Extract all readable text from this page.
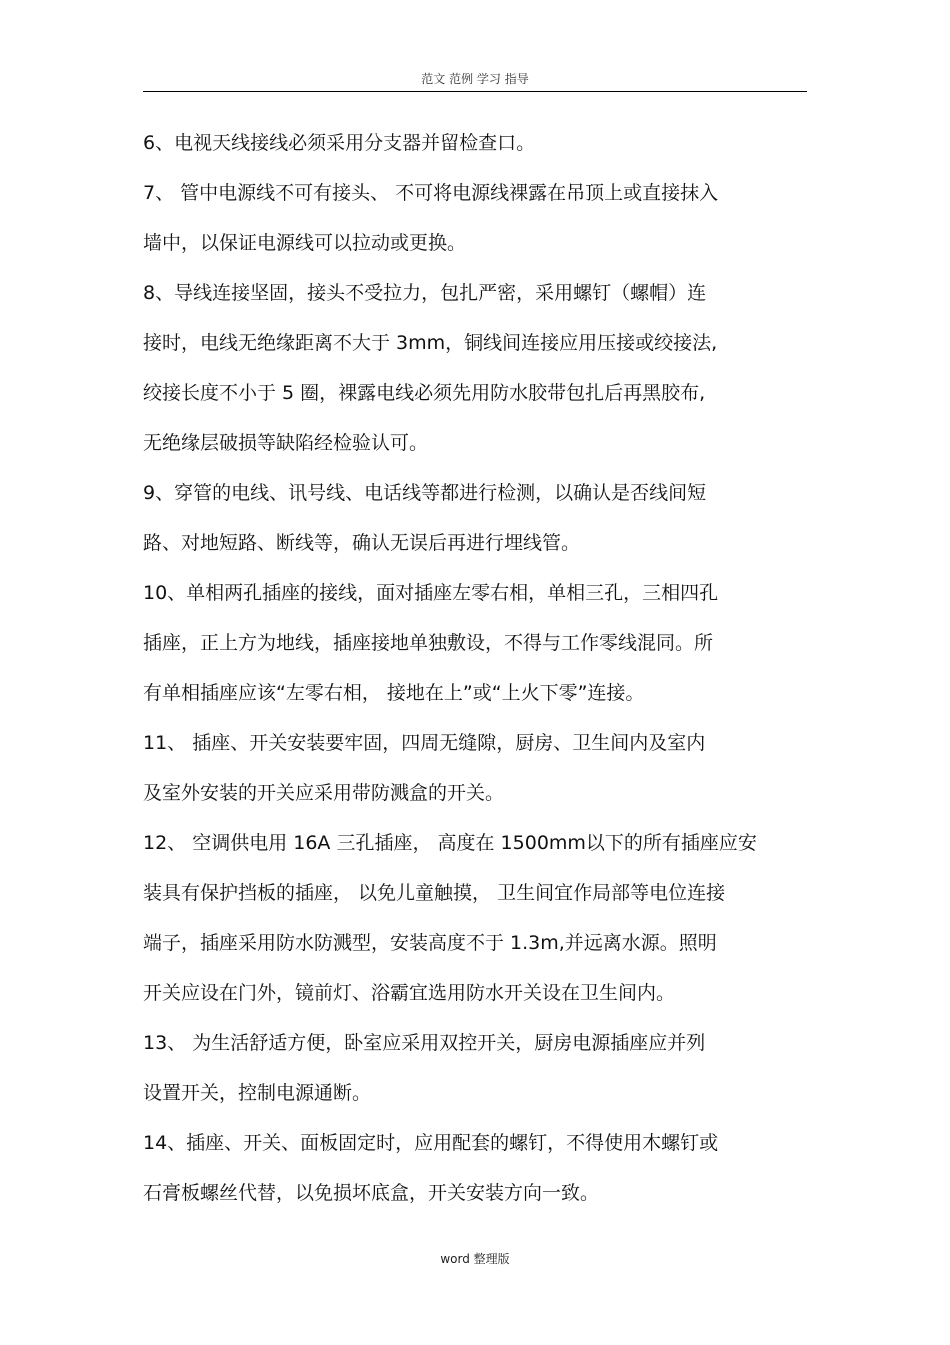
范文 范例 学习 指导
6、电视天线接线必须采用分支器并留检查口。
7、 管中电源线不可有接头、 不可将电源线裸露在吊顶上或直接抹入
墙中，以保证电源线可以拉动或更换。
8、导线连接坚固，接头不受拉力，包扎严密，采用螺钉（螺帽）连
接时，电线无绝缘距离不大于 3mm，铜线间连接应用压接或绞接法,
绞接长度不小于 5 圈，裸露电线必须先用防水胶带包扎后再黑胶布,
无绝缘层破损等缺陷经检验认可。
9、穿管的电线、讯号线、电话线等都进行检测，以确认是否线间短
路、对地短路、断线等，确认无误后再进行埋线管。
10、单相两孔插座的接线，面对插座左零右相，单相三孔，三相四孔
插座，正上方为地线，插座接地单独敷设，不得与工作零线混同。所
有单相插座应该“左零右相， 接地在上”或“上火下零”连接。
11、 插座、开关安装要牢固，四周无缝隙，厨房、卫生间内及室内
及室外安装的开关应采用带防溅盒的开关。
12、 空调供电用 16A 三孔插座， 高度在 1500mm以下的所有插座应安
装具有保护挡板的插座， 以免儿童触摸， 卫生间宜作局部等电位连接
端子，插座采用防水防溅型，安装高度不于 1.3m,并远离水源。照明
开关应设在门外，镜前灯、浴霸宜选用防水开关设在卫生间内。
13、 为生活舒适方便，卧室应采用双控开关，厨房电源插座应并列
设置开关，控制电源通断。
14、插座、开关、面板固定时，应用配套的螺钉，不得使用木螺钉或
石膏板螺丝代替，以免损坏底盒，开关安装方向一致。
word 整理版
